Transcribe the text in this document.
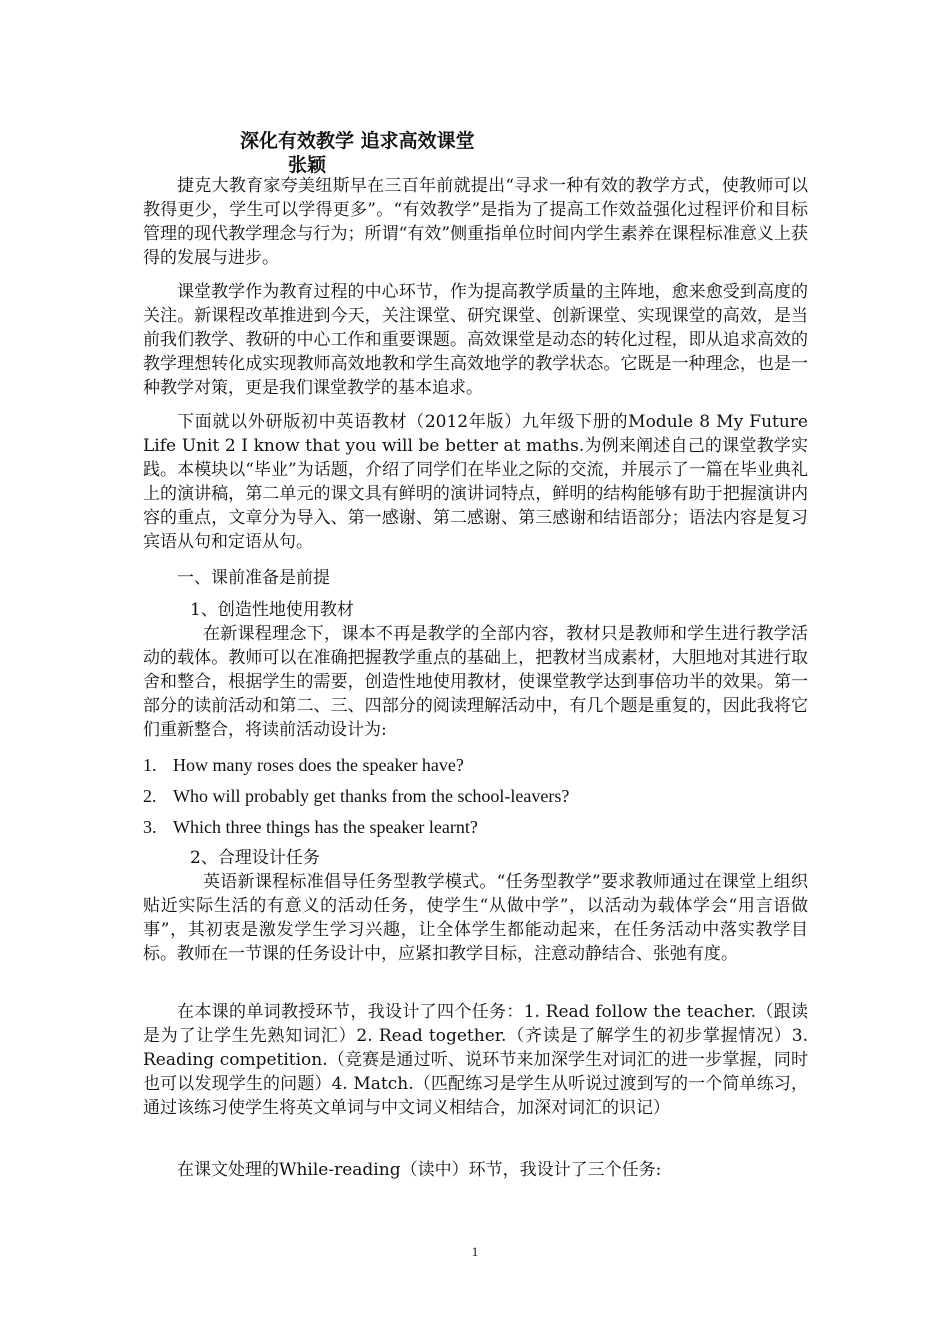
深化有效教学 追求高效课堂
张颖
捷克大教育家夸美纽斯早在三百年前就提出“寻求一种有效的教学方式，使教师可以教得更少，学生可以学得更多”。“有效教学”是指为了提高工作效益强化过程评价和目标管理的现代教学理念与行为；所谓“有效”侧重指单位时间内学生素养在课程标准意义上获得的发展与进步。
课堂教学作为教育过程的中心环节，作为提高教学质量的主阵地，愈来愈受到高度的关注。新课程改革推进到今天，关注课堂、研究课堂、创新课堂、实现课堂的高效，是当前我们教学、教研的中心工作和重要课题。高效课堂是动态的转化过程，即从追求高效的教学理想转化成实现教师高效地教和学生高效地学的教学状态。它既是一种理念，也是一种教学对策，更是我们课堂教学的基本追求。
下面就以外研版初中英语教材（2012年版）九年级下册的Module 8 My Future Life Unit 2 I know that you will be better at maths.为例来阐述自己的课堂教学实践。本模块以“毕业”为话题，介绍了同学们在毕业之际的交流，并展示了一篇在毕业典礼上的演讲稿，第二单元的课文具有鲜明的演讲词特点，鲜明的结构能够有助于把握演讲内容的重点，文章分为导入、第一感谢、第二感谢、第三感谢和结语部分；语法内容是复习宾语从句和定语从句。
一、课前准备是前提
1、创造性地使用教材
在新课程理念下，课本不再是教学的全部内容，教材只是教师和学生进行教学活动的载体。教师可以在准确把握教学重点的基础上，把教材当成素材，大胆地对其进行取舍和整合，根据学生的需要，创造性地使用教材，使课堂教学达到事倍功半的效果。第一部分的读前活动和第二、三、四部分的阅读理解活动中，有几个题是重复的，因此我将它们重新整合，将读前活动设计为:
1. How many roses does the speaker have?
2. Who will probably get thanks from the school-leavers?
3. Which three things has the speaker learnt?
2、合理设计任务
英语新课程标准倡导任务型教学模式。“任务型教学”要求教师通过在课堂上组织贴近实际生活的有意义的活动任务，使学生“从做中学”，以活动为载体学会“用言语做事”，其初衷是激发学生学习兴趣，让全体学生都能动起来，在任务活动中落实教学目标。教师在一节课的任务设计中，应紧扣教学目标，注意动静结合、张弛有度。
在本课的单词教授环节，我设计了四个任务：1. Read follow the teacher.（跟读是为了让学生先熟知词汇）2. Read together.（齐读是了解学生的初步掌握情况）3. Reading competition.（竞赛是通过听、说环节来加深学生对词汇的进一步掌握，同时也可以发现学生的问题）4. Match.（匹配练习是学生从听说过渡到写的一个简单练习，通过该练习使学生将英文单词与中文词义相结合，加深对词汇的识记）
在课文处理的While-reading（读中）环节，我设计了三个任务:
1
